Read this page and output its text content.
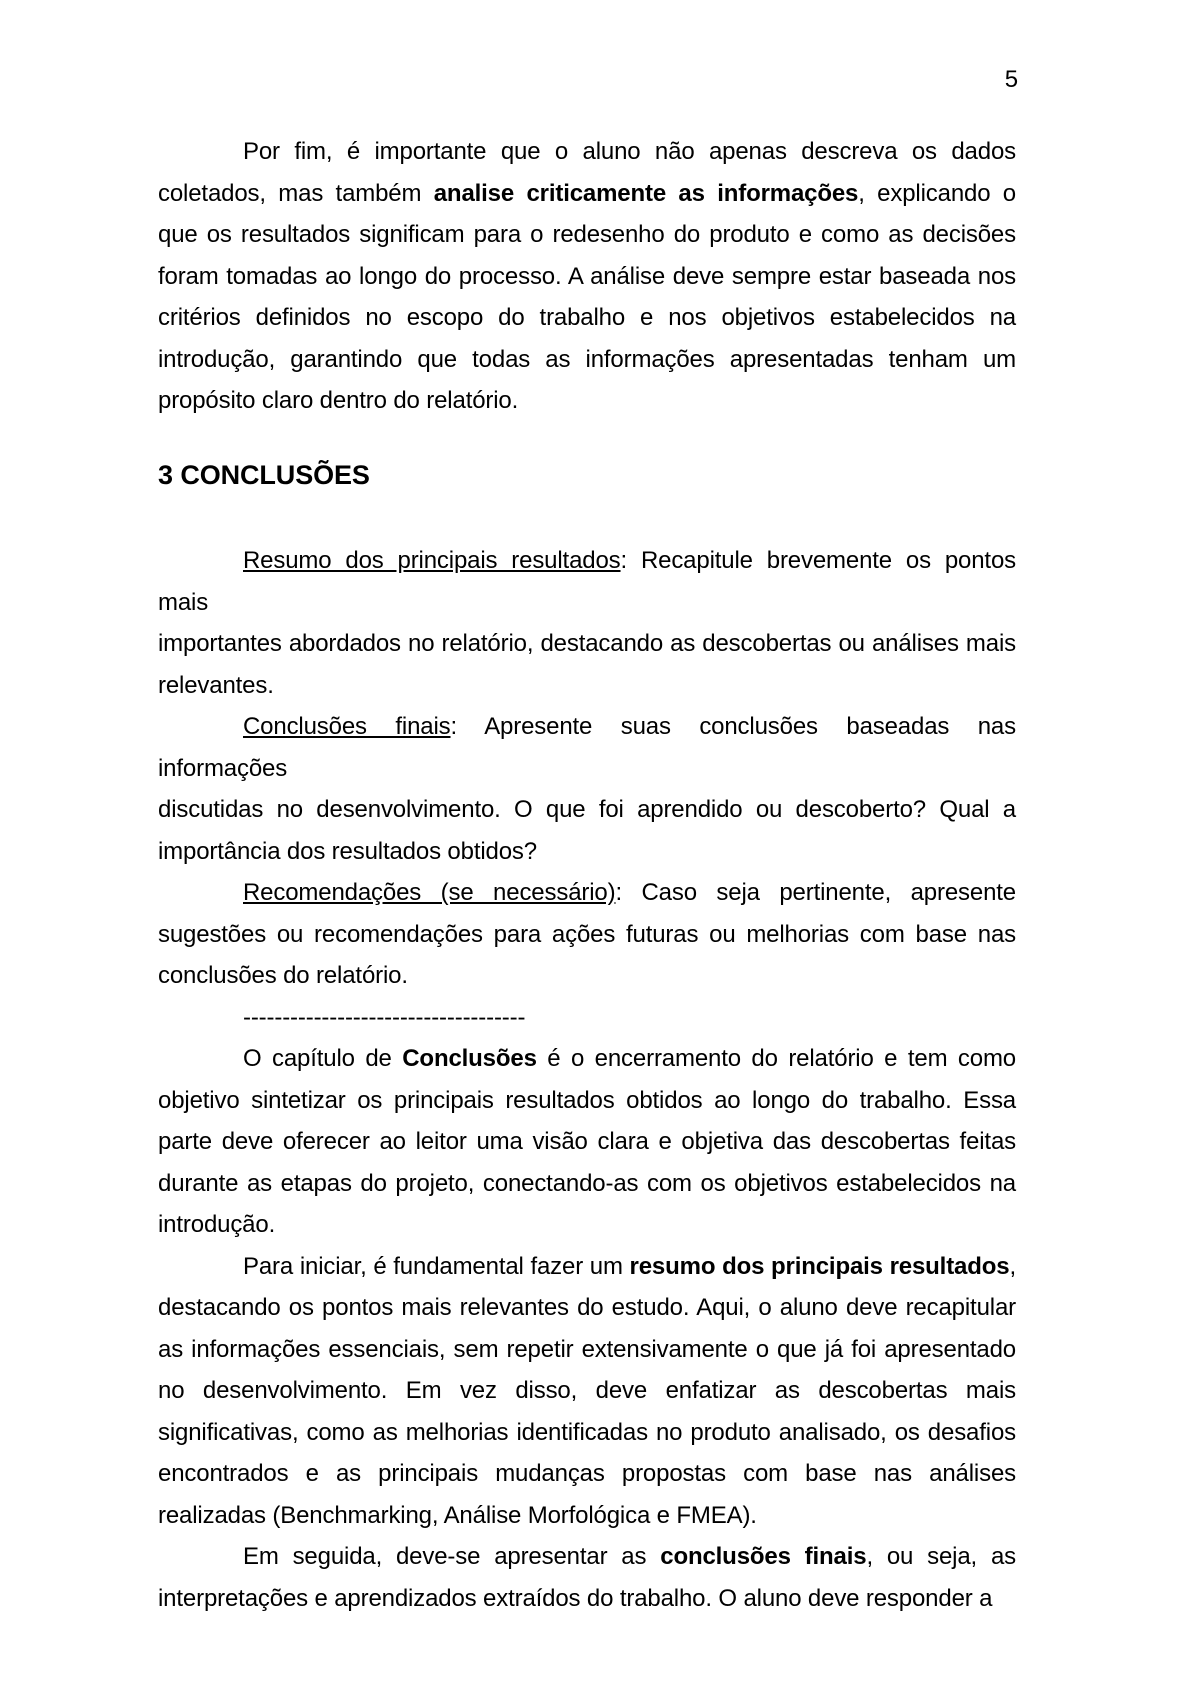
5
Por fim, é importante que o aluno não apenas descreva os dados
coletados, mas também analise criticamente as informações, explicando o
que os resultados significam para o redesenho do produto e como as decisões
foram tomadas ao longo do processo. A análise deve sempre estar baseada nos
critérios definidos no escopo do trabalho e nos objetivos estabelecidos na
introdução, garantindo que todas as informações apresentadas tenham um
propósito claro dentro do relatório.
3 CONCLUSÕES
Resumo dos principais resultados: Recapitule brevemente os pontos mais
importantes abordados no relatório, destacando as descobertas ou análises mais
relevantes.
Conclusões finais: Apresente suas conclusões baseadas nas informações
discutidas no desenvolvimento. O que foi aprendido ou descoberto? Qual a
importância dos resultados obtidos?
Recomendações (se necessário): Caso seja pertinente, apresente
sugestões ou recomendações para ações futuras ou melhorias com base nas
conclusões do relatório.
------------------------------------
O capítulo de Conclusões é o encerramento do relatório e tem como
objetivo sintetizar os principais resultados obtidos ao longo do trabalho. Essa
parte deve oferecer ao leitor uma visão clara e objetiva das descobertas feitas
durante as etapas do projeto, conectando-as com os objetivos estabelecidos na
introdução.
Para iniciar, é fundamental fazer um resumo dos principais resultados,
destacando os pontos mais relevantes do estudo. Aqui, o aluno deve recapitular
as informações essenciais, sem repetir extensivamente o que já foi apresentado
no desenvolvimento. Em vez disso, deve enfatizar as descobertas mais
significativas, como as melhorias identificadas no produto analisado, os desafios
encontrados e as principais mudanças propostas com base nas análises
realizadas (Benchmarking, Análise Morfológica e FMEA).
Em seguida, deve-se apresentar as conclusões finais, ou seja, as
interpretações e aprendizados extraídos do trabalho. O aluno deve responder a
